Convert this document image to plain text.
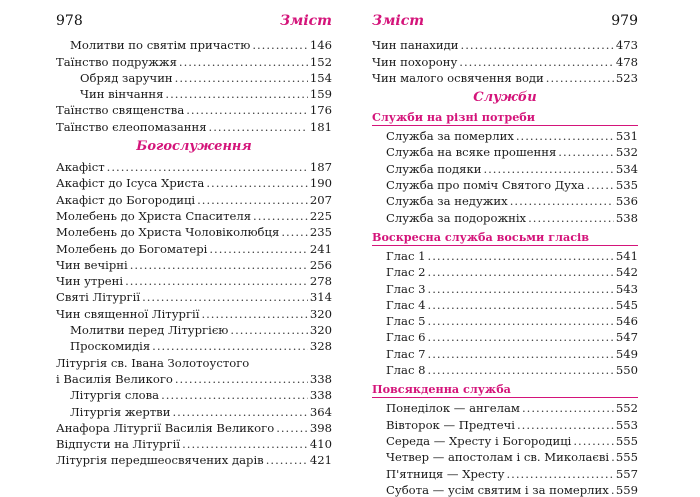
978	Зміст
Молитви по святім причастю .....	146
Таїнство подружжя .....	152
Обряд заручин .....	154
Чин вінчання .....	159
Таїнство священства .....	176
Таїнство єлеопомазання .....	181
Богослуження
Акафіст .....	187
Акафіст до Ісуса Христа .....	190
Акафіст до Богородиці .....	207
Молебень до Христа Спасителя .....	225
Молебень до Христа Чоловіколюбця .....	235
Молебень до Богоматері .....	241
Чин вечірні .....	256
Чин утрені .....	278
Святі Літургії .....	314
Чин священної Літургії .....	320
Молитви перед Літургією .....	320
Проскомидія .....	328
Літургія св. Івана Золотоустого
і Василія Великого .....	338
Літургія слова .....	338
Літургія жертви .....	364
Анафора Літургії Василія Великого .....	398
Відпусти на Літургії .....	410
Літургія передшеосвячених дарів .....	421
Зміст	979
Чин панахиди .....	473
Чин похорону .....	478
Чин малого освячення води .....	523
Служби
Служби на різні потреби
Служба за померлих .....	531
Служба на всяке прошення .....	532
Служба подяки .....	534
Служба про поміч Святого Духа .....	535
Служба за недужих .....	536
Служба за подорожніх .....	538
Воскресна служба восьми гласів
Глас 1 .....	541
Глас 2 .....	542
Глас 3 .....	543
Глас 4 .....	545
Глас 5 .....	546
Глас 6 .....	547
Глас 7 .....	549
Глас 8 .....	550
Повсякденна служба
Понеділок — ангелам .....	552
Вівторок — Предтечі .....	553
Середа — Хресту і Богородиці .....	555
Четвер — апостолам і св. Миколаєві ..... 555
П'ятниця — Хресту .....	557
Субота — усім святим і за померлих ..... 559
